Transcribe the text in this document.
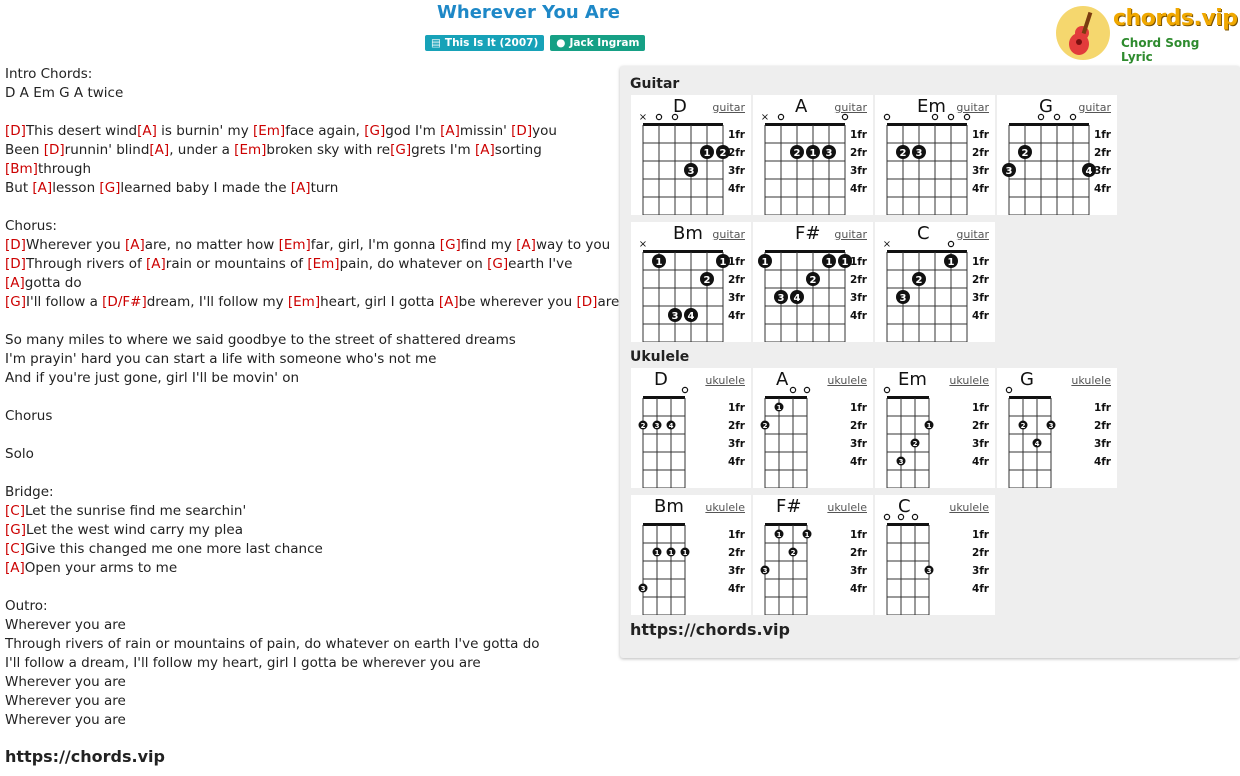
Wherever You Are
▤ This Is It (2007) ● Jack Ingram
chords.vip
Chord Song Lyric
Intro Chords:
D A Em G A twice
[D]This desert wind[A] is burnin' my [Em]face again, [G]god I'm [A]missin' [D]you
Been [D]runnin' blind[A], under a [Em]broken sky with re[G]grets I'm [A]sorting
[Bm]through
But [A]lesson [G]learned baby I made the [A]turn
Chorus:
[D]Wherever you [A]are, no matter how [Em]far, girl, I'm gonna [G]find my [A]way to you
[D]Through rivers of [A]rain or mountains of [Em]pain, do whatever on [G]earth I've
[A]gotta do
[G]I'll follow a [D/F#]dream, I'll follow my [Em]heart, girl I gotta [A]be wherever you [D]are
So many miles to where we said goodbye to the street of shattered dreams
I'm prayin' hard you can start a life with someone who's not me
And if you're just gone, girl I'll be movin' on
Chorus
Solo
Bridge:
[C]Let the sunrise find me searchin'
[G]Let the west wind carry my plea
[C]Give this changed me one more last chance
[A]Open your arms to me
Outro:
Wherever you are
Through rivers of rain or mountains of pain, do whatever on earth I've gotta do
I'll follow a dream, I'll follow my heart, girl I gotta be wherever you are
Wherever you are
Wherever you are
Wherever you are
https://chords.vip
Guitar
Ukulele
https://chords.vip
D guitar
×
1 2
3
1fr
2fr
3fr
4fr
A guitar
×
2 1 3
1fr
2fr
3fr
4fr
Em guitar
2 3
1fr
2fr
3fr
4fr
G guitar
2
3	4
1fr
2fr
3fr
4fr
Bm guitar
×
1	1
2
3 4
1fr
2fr
3fr
4fr
F# guitar
1	1 1
2
3 4
1fr
2fr
3fr
4fr
C guitar
×
1
2
3
1fr
2fr
3fr
4fr
D	ukulele
2 3 4
1fr
2fr
3fr
4fr
A	ukulele
1
2
1fr
2fr
3fr
4fr
Em ukulele
1
2
3
1fr
2fr
3fr
4fr
G	ukulele
2	3
4
1fr
2fr
3fr
4fr
Bm ukulele
1 1 1
3
1fr
2fr
3fr
4fr
F# ukulele
1	1
2
3
1fr
2fr
3fr
4fr
C	ukulele
3
1fr
2fr
3fr
4fr
